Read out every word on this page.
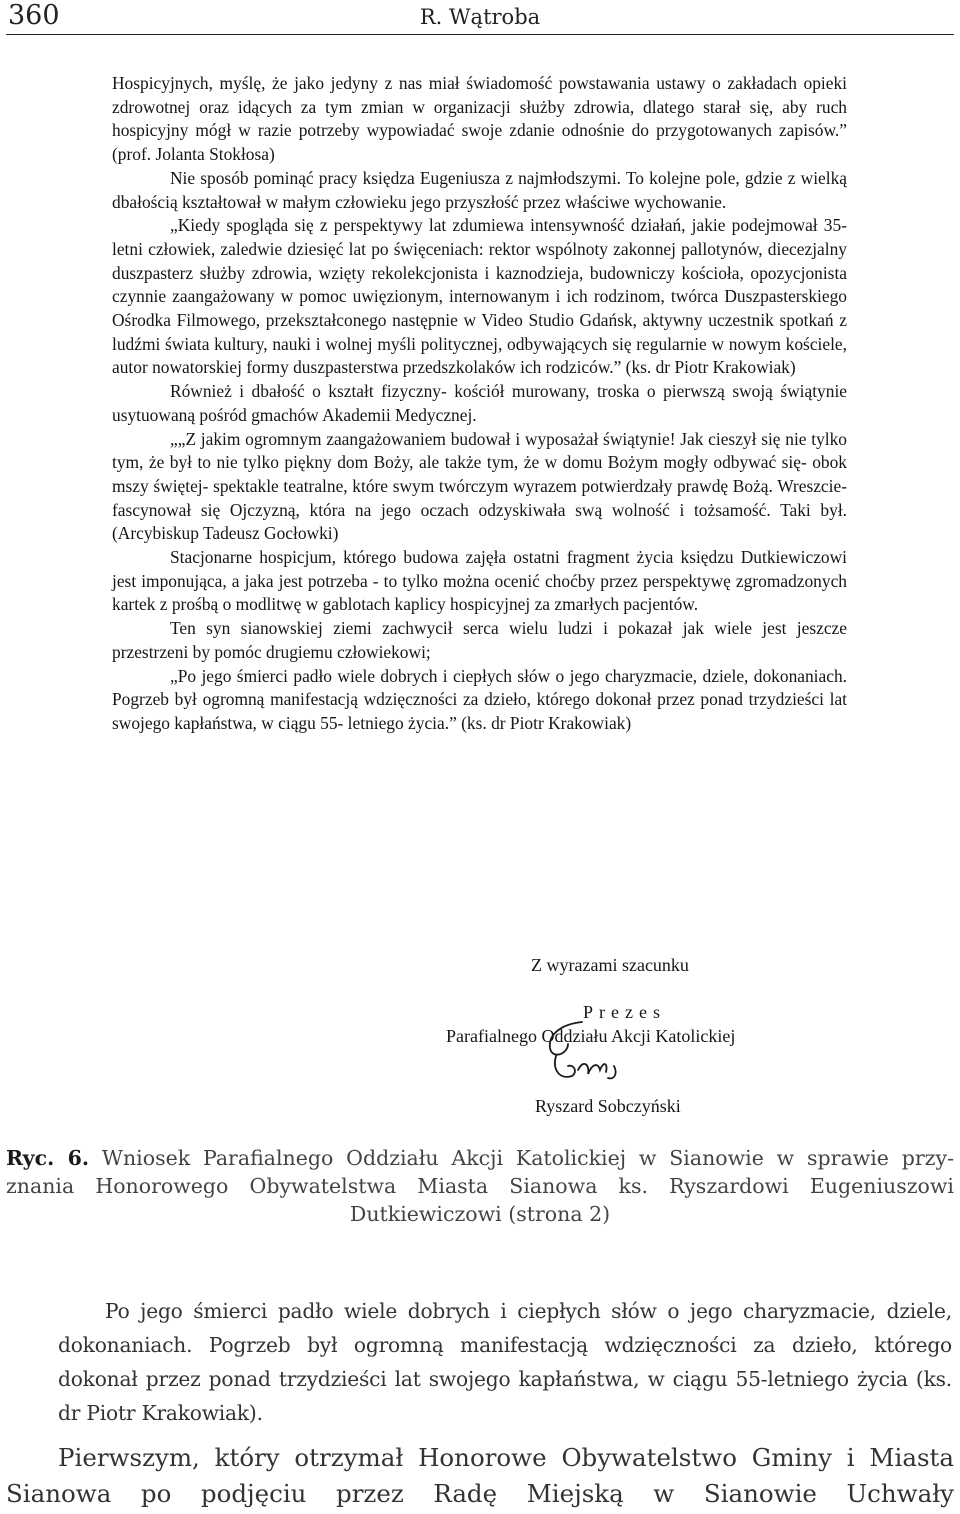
360	R. Wątroba

Hospicyjnych, myślę, że jako jedyny z nas miał świadomość powstawania ustawy o zakładach opieki zdrowotnej oraz idących za tym zmian w organizacji służby zdrowia, dlatego starał się, aby ruch hospicyjny mógł w razie potrzeby wypowiadać swoje zdanie odnośnie do przygotowanych zapisów.” (prof. Jolanta Stokłosa)

Nie sposób pominąć pracy księdza Eugeniusza z najmłodszymi. To kolejne pole, gdzie z wielką dbałością kształtował w małym człowieku jego przyszłość przez właściwe wychowanie.

„Kiedy spogląda się z perspektywy lat zdumiewa intensywność działań, jakie podejmował 35-letni człowiek, zaledwie dziesięć lat po święceniach: rektor wspólnoty zakonnej pallotynów, diecezjalny duszpasterz służby zdrowia, wzięty rekolekcjonista i kaznodzieja, budowniczy kościoła, opozycjonista czynnie zaangażowany w pomoc uwięzionym, internowanym i ich rodzinom, twórca Duszpasterskiego Ośrodka Filmowego, przekształconego następnie w Video Studio Gdańsk, aktywny uczestnik spotkań z ludźmi świata kultury, nauki i wolnej myśli politycznej, odbywających się regularnie w nowym kościele, autor nowatorskiej formy duszpasterstwa przedszkolaków ich rodziców.” (ks. dr Piotr Krakowiak)

Również i dbałość o kształt fizyczny- kościół murowany, troska o pierwszą swoją świątynie usytuowaną pośród gmachów Akademii Medycznej.

„„Z jakim ogromnym zaangażowaniem budował i wyposażał świątynie! Jak cieszył się nie tylko tym, że był to nie tylko piękny dom Boży, ale także tym, że w domu Bożym mogły odbywać się- obok mszy świętej- spektakle teatralne, które swym twórczym wyrazem potwierdzały prawdę Bożą. Wreszcie- fascynował się Ojczyzną, która na jego oczach odzyskiwała swą wolność i tożsamość. Taki był. (Arcybiskup Tadeusz Gocłowki)

Stacjonarne hospicjum, którego budowa zajęła ostatni fragment życia księdzu Dutkiewiczowi jest imponująca, a jaka jest potrzeba - to tylko można ocenić choćby przez perspektywę zgromadzonych kartek z prośbą o modlitwę w gablotach kaplicy hospicyjnej za zmarłych pacjentów.

Ten syn sianowskiej ziemi zachwycił serca wielu ludzi i pokazał jak wiele jest jeszcze przestrzeni by pomóc drugiemu człowiekowi;

„Po jego śmierci padło wiele dobrych i ciepłych słów o jego charyzmacie, dziele, dokonaniach. Pogrzeb był ogromną manifestacją wdzięczności za dzieło, którego dokonał przez ponad trzydzieści lat swojego kapłaństwa, w ciągu 55- letniego życia.” (ks. dr Piotr Krakowiak)

Z wyrazami szacunku
Prezes
Parafialnego Oddziału Akcji Katolickiej
Ryszard Sobczyński
Ryc. 6. Wniosek Parafialnego Oddziału Akcji Katolickiej w Sianowie w sprawie przy-
znania Honorowego Obywatelstwa Miasta Sianowa ks. Ryszardowi Eugeniuszowi
Dutkiewiczowi (strona 2)

Po jego śmierci padło wiele dobrych i ciepłych słów o jego charyzmacie, dziele, dokonaniach. Pogrzeb był ogromną manifestacją wdzięczności za dzieło, którego dokonał przez ponad trzydzieści lat swojego kapłaństwa, w ciągu 55-letniego życia (ks. dr Piotr Krakowiak).

Pierwszym, który otrzymał Honorowe Obywatelstwo Gminy i Miasta Sianowa po podjęciu przez Radę Miejską w Sianowie Uchwały
